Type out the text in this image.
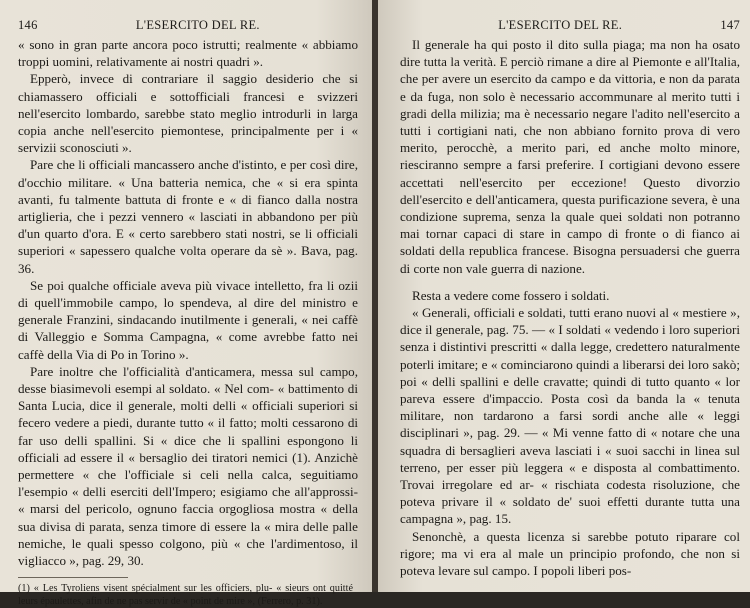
146	L'ESERCITO DEL RE.

« sono in gran parte ancora poco istrutti; realmente « abbiamo troppi uomini, relativamente ai nostri quadri ».

Epperò, invece di contrariare il saggio desiderio che si chiamassero officiali e sottofficiali francesi e svizzeri nell'esercito lombardo, sarebbe stato meglio introdurli in larga copia anche nell'esercito piemontese, principalmente per i « servizii sconosciuti ».

Pare che li officiali mancassero anche d'istinto, e per così dire, d'occhio militare. « Una batteria nemica, che « si era spinta avanti, fu talmente battuta di fronte e « di fianco dalla nostra artiglieria, che i pezzi vennero « lasciati in abbandono per più d'un quarto d'ora. E « certo sarebbero stati nostri, se li officiali superiori « sapessero qualche volta operare da sè ». Bava, pag. 36.

Se poi qualche officiale aveva più vivace intelletto, fra li ozii di quell'immobile campo, lo spendeva, al dire del ministro e generale Franzini, sindacando inutilmente i generali, « nei caffè di Valleggio e Somma Campagna, « come avrebbe fatto nei caffè della Via di Po in Torino ».

Pare inoltre che l'officialità d'anticamera, messa sul campo, desse biasimevoli esempi al soldato. « Nel com- « battimento di Santa Lucia, dice il generale, molti delli « officiali superiori si fecero vedere a piedi, durante tutto « il fatto; molti cessarono di far uso delli spallini. Si « dice che li spallini espongono li officiali ad essere il « bersaglio dei tiratori nemici (1). Anzichè permettere « che l'officiale si celi nella calca, seguitiamo l'esempio « delli eserciti dell'Impero; esigiamo che all'approssi- « marsi del pericolo, ognuno faccia orgogliosa mostra « della sua divisa di parata, senza timore di essere la « mira delle palle nemiche, le quali spesso colgono, più « che l'ardimentoso, il vigliacco », pag. 29, 30.

(1) « Les Tyroliens visent spécialment sur les officiers, plu- « sieurs ont quitté leurs épaulettes, afin de ne pas servir de « point de mire », (Ferrero, p. 31).

L'ESERCITO DEL RE.	147

Il generale ha qui posto il dito sulla piaga; ma non ha osato dire tutta la verità. E perciò rimane a dire al Piemonte e all'Italia, che per avere un esercito da campo e da vittoria, e non da parata e da fuga, non solo è necessario accommunare al merito tutti i gradi della milizia; ma è necessario negare l'adito nell'esercito a tutti i cortigiani nati, che non abbiano fornito prova di vero merito, perocchè, a merito pari, ed anche molto minore, riesciranno sempre a farsi preferire. I cortigiani devono essere accettati nell'esercito per eccezione! Questo divorzio dell'esercito e dell'anticamera, questa purificazione severa, è una condizione suprema, senza la quale quei soldati non potranno mai tornar capaci di stare in campo di fronte o di fianco ai soldati della republica francese. Bisogna persuadersi che guerra di corte non vale guerra di nazione.

Resta a vedere come fossero i soldati.

« Generali, officiali e soldati, tutti erano nuovi al « mestiere », dice il generale, pag. 75. — « I soldati « vedendo i loro superiori senza i distintivi prescritti « dalla legge, credettero naturalmente poterli imitare; e « cominciarono quindi a liberarsi dei loro sakò; poi « delli spallini e delle cravatte; quindi di tutto quanto « lor pareva essere d'impaccio. Posta così da banda la « tenuta militare, non tardarono a farsi sordi anche alle « leggi disciplinari », pag. 29. — « Mi venne fatto di « notare che una squadra di bersaglieri aveva lasciati i « suoi sacchi in linea sul terreno, per esser più leggera « e disposta al combattimento. Trovai irregolare ed ar- « rischiata codesta risoluzione, che poteva privare il « soldato de' suoi effetti durante tutta una campagna », pag. 15.

Senonchè, a questa licenza si sarebbe potuto riparare col rigore; ma vi era al male un principio profondo, che non si poteva levare sul campo. I popoli liberi pos-
